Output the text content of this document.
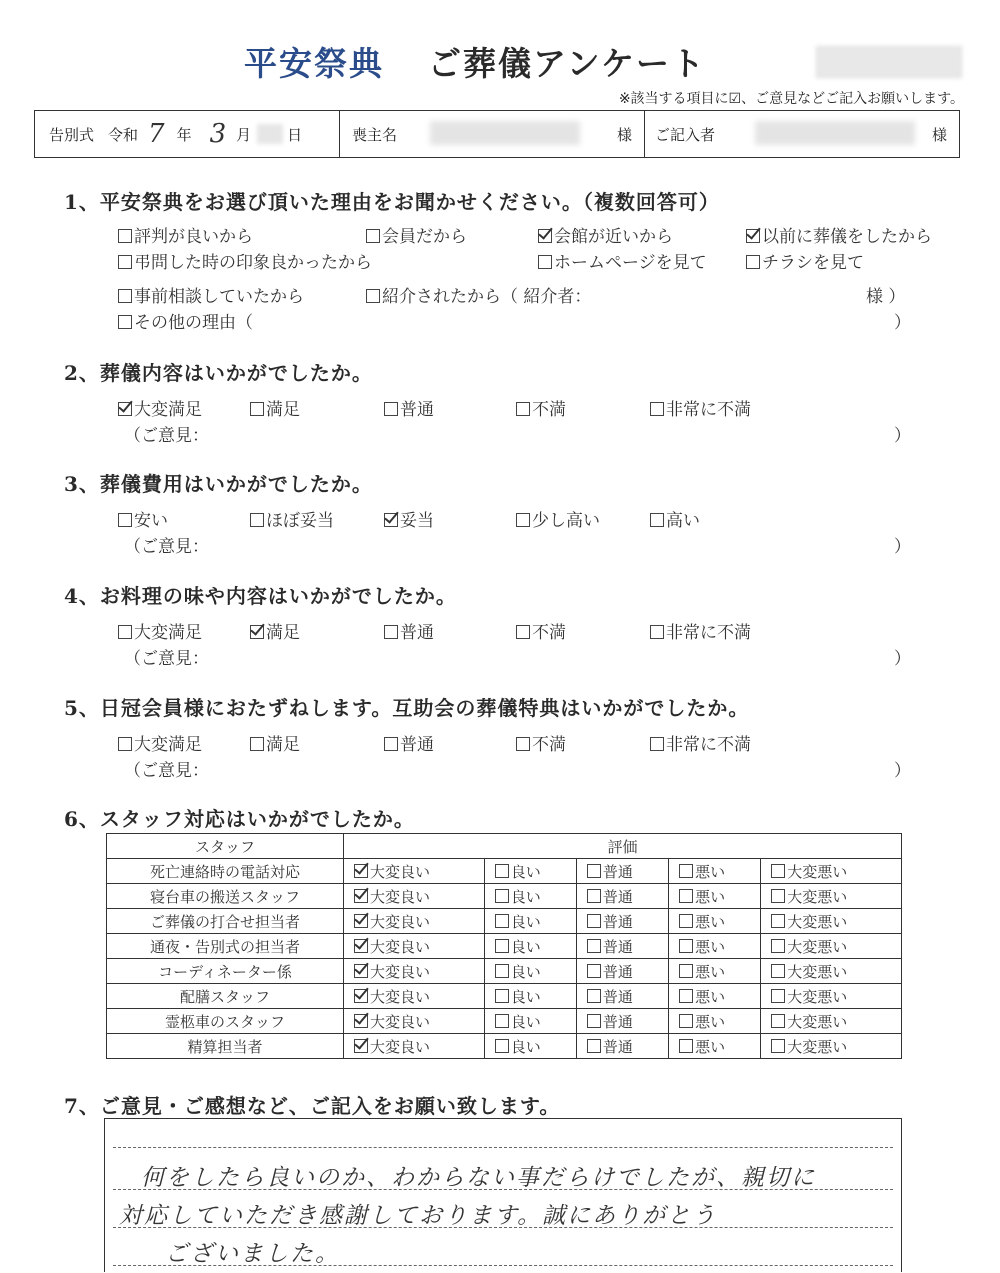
平安祭典 ご葬儀アンケート
※該当する項目に☑、ご意見などご記入お願いします。
告別式 令和 7 年 3 月 日	喪主名	様 ご記入者	様
1、平安祭典をお選び頂いた理由をお聞かせください。（複数回答可）
評判が良いから	会員だから	会館が近いから	以前に葬儀をしたから
弔問した時の印象良かったから	ホームページを見て	チラシを見て
事前相談していたから	紹介されたから（ 紹介者：	様 ）
その他の理由（	）
2、葬儀内容はいかがでしたか。
大変満足	満足	普通	不満	非常に不満
（ご意見：	）
3、葬儀費用はいかがでしたか。
安い	ほぼ妥当	妥当	少し高い	高い
（ご意見：	）
4、お料理の味や内容はいかがでしたか。
大変満足	満足	普通	不満	非常に不満
（ご意見：	）
5、日冠会員様におたずねします。互助会の葬儀特典はいかがでしたか。
大変満足	満足	普通	不満	非常に不満
（ご意見：	）
6、スタッフ対応はいかがでしたか。
スタッフ	評価				
死亡連絡時の電話対応	大変良い	良い	普通	悪い	大変悪い
寝台車の搬送スタッフ	大変良い	良い	普通	悪い	大変悪い
ご葬儀の打合せ担当者	大変良い	良い	普通	悪い	大変悪い
通夜・告別式の担当者	大変良い	良い	普通	悪い	大変悪い
コーディネーター係	大変良い	良い	普通	悪い	大変悪い
配膳スタッフ	大変良い	良い	普通	悪い	大変悪い
霊柩車のスタッフ	大変良い	良い	普通	悪い	大変悪い
精算担当者	大変良い	良い	普通	悪い	大変悪い
7、ご意見・ご感想など、ご記入をお願い致します。
何をしたら良いのか、わからない事だらけでしたが、親切に
対応していただき感謝しております。誠にありがとう
ございました。
